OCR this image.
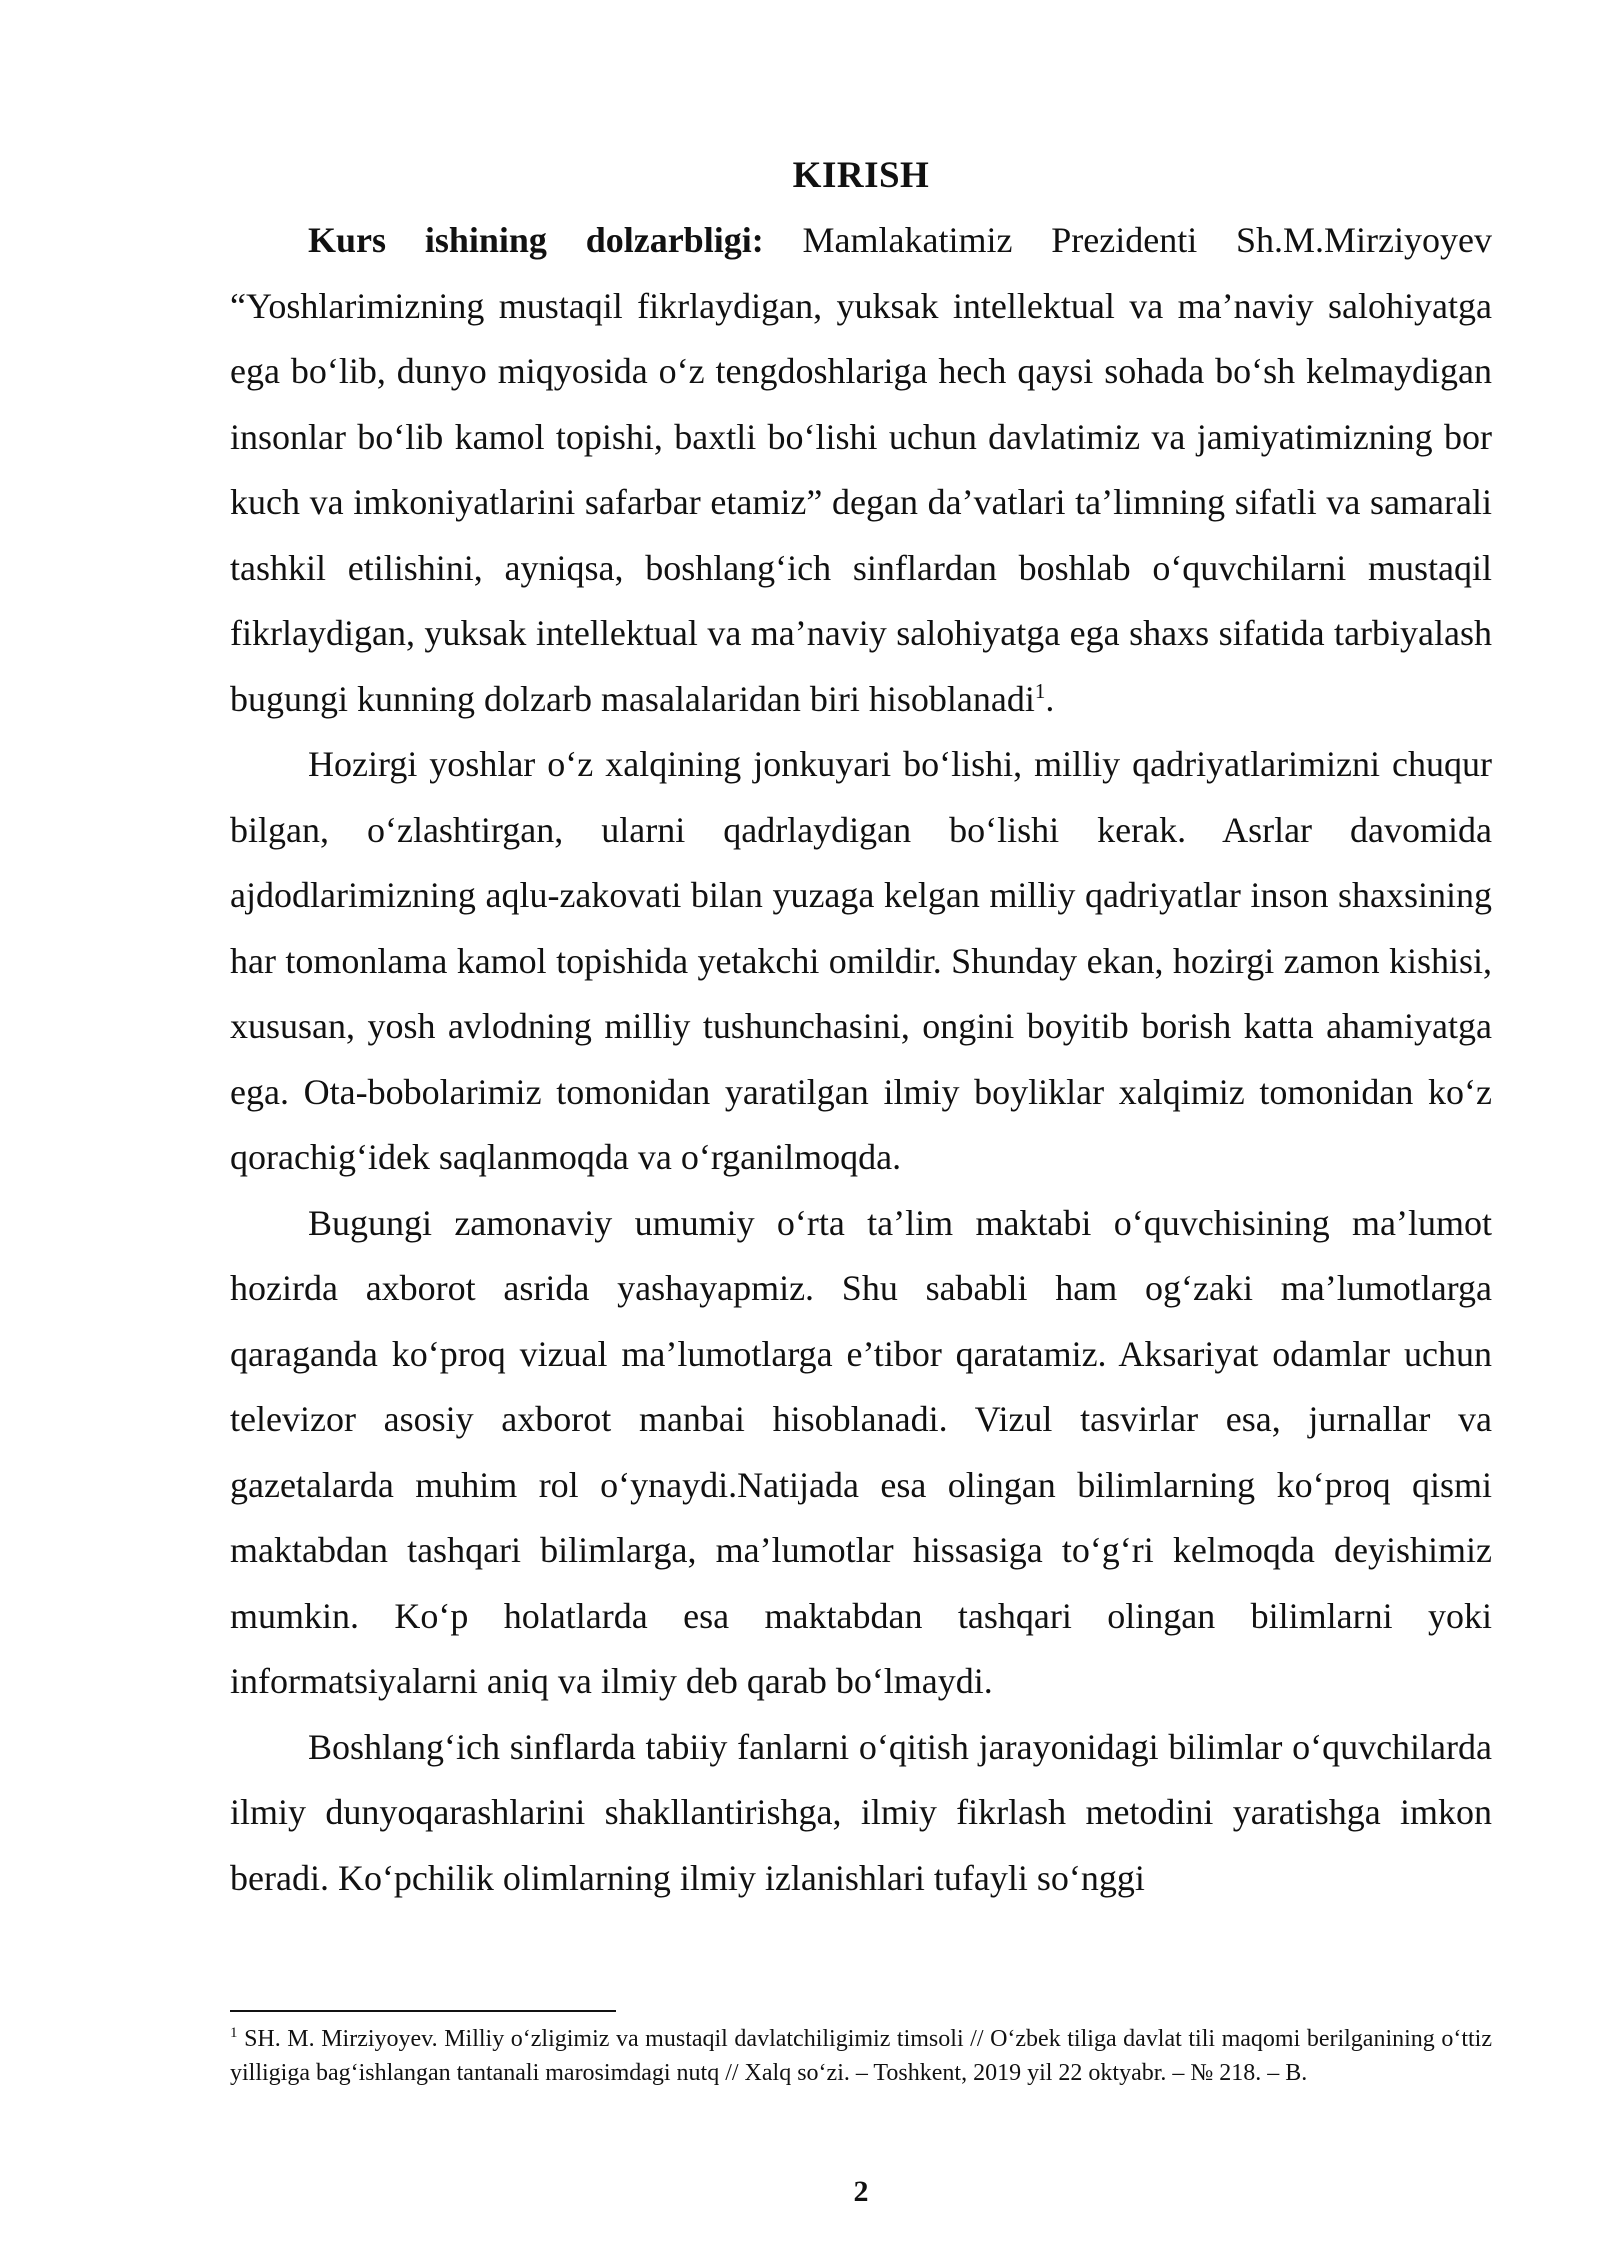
KIRISH

Kurs ishining dolzarbligi: Mamlakatimiz Prezidenti Sh.M.Mirziyoyev “Yoshlarimizning mustaqil fikrlaydigan, yuksak intellektual va ma’naviy salohiyatga ega bo‘lib, dunyo miqyosida o‘z tengdoshlariga hech qaysi sohada bo‘sh kelmaydigan insonlar bo‘lib kamol topishi, baxtli bo‘lishi uchun davlatimiz va jamiyatimizning bor kuch va imkoniyatlarini safarbar etamiz” degan da’vatlari ta’limning sifatli va samarali tashkil etilishini, ayniqsa, boshlang‘ich sinflardan boshlab o‘quvchilarni mustaqil fikrlaydigan, yuksak intellektual va ma’naviy salohiyatga ega shaxs sifatida tarbiyalash bugungi kunning dolzarb masalalaridan biri hisoblanadi$^1$.

Hozirgi yoshlar o‘z xalqining jonkuyari bo‘lishi, milliy qadriyatlarimizni chuqur bilgan, o‘zlashtirgan, ularni qadrlaydigan bo‘lishi kerak. Asrlar davomida ajdodlarimizning aqlu-zakovati bilan yuzaga kelgan milliy qadriyatlar inson shaxsining har tomonlama kamol topishida yetakchi omildir. Shunday ekan, hozirgi zamon kishisi, xususan, yosh avlodning milliy tushunchasini, ongini boyitib borish katta ahamiyatga ega. Ota-bobolarimiz tomonidan yaratilgan ilmiy boyliklar xalqimiz tomonidan ko‘z qorachig‘idek saqlanmoqda va o‘rganilmoqda.

Bugungi zamonaviy umumiy o‘rta ta’lim maktabi o‘quvchisining ma’lumot hozirda axborot asrida yashayapmiz. Shu sababli ham og‘zaki ma’lumotlarga qaraganda ko‘proq vizual ma’lumotlarga e’tibor qaratamiz. Aksariyat odamlar uchun televizor asosiy axborot manbai hisoblanadi. Vizul tasvirlar esa, jurnallar va gazetalarda muhim rol o‘ynaydi.Natijada esa olingan bilimlarning ko‘proq qismi maktabdan tashqari bilimlarga, ma’lumotlar hissasiga to‘g‘ri kelmoqda deyishimiz mumkin. Ko‘p holatlarda esa maktabdan tashqari olingan bilimlarni yoki informatsiyalarni aniq va ilmiy deb qarab bo‘lmaydi.

Boshlang‘ich sinflarda tabiiy fanlarni o‘qitish jarayonidagi bilimlar o‘quvchilarda ilmiy dunyoqarashlarini shakllantirishga, ilmiy fikrlash metodini yaratishga imkon beradi. Ko‘pchilik olimlarning ilmiy izlanishlari tufayli so‘nggi

$^1$ SH. M. Mirziyoyev. Milliy o‘zligimiz va mustaqil davlatchiligimiz timsoli // O‘zbek tiliga davlat tili maqomi berilganining o‘ttiz yilligiga bag‘ishlangan tantanali marosimdagi nutq // Xalq so‘zi. – Toshkent, 2019 yil 22 oktyabr. – № 218. – B.

2
